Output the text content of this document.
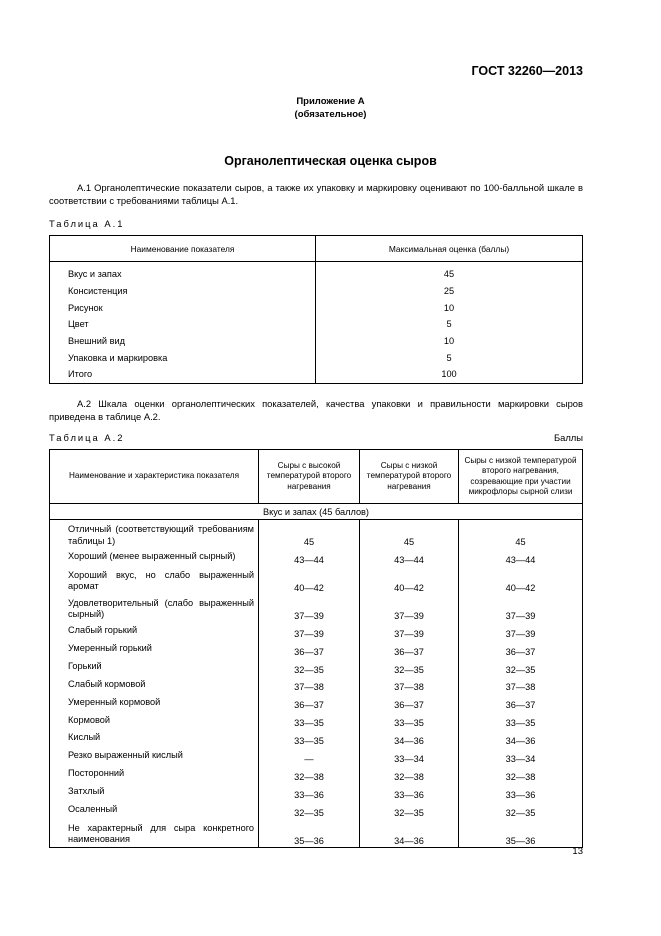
ГОСТ 32260—2013
Приложение А
(обязательное)
Органолептическая оценка сыров
А.1 Органолептические показатели сыров, а также их упаковку и маркировку оценивают по 100-балльной шкале в соответствии с требованиями таблицы А.1.
Таблица А.1
Наименование показателя	Максимальная оценка (баллы)
Вкус и запах	45
Консистенция	25
Рисунок	10
Цвет	5
Внешний вид	10
Упаковка и маркировка	5
Итого	100
А.2 Шкала оценки органолептических показателей, качества упаковки и правильности маркировки сыров приведена в таблице А.2.
Таблица А.2	Баллы
Наименование и характеристика показателя	Сыры с высокой температурой второго нагревания	Сыры с низкой температурой второго нагревания	Сыры с низкой температурой второго нагревания, созревающие при участии микрофлоры сырной слизи
Вкус и запах (45 баллов)			
Отличный (соответствующий требованиям таблицы 1)	45	45	45
Хороший (менее выраженный сырный)	43—44	43—44	43—44
Хороший вкус, но слабо выраженный аромат	40—42	40—42	40—42
Удовлетворительный (слабо выраженный сырный)	37—39	37—39	37—39
Слабый горький	37—39	37—39	37—39
Умеренный горький	36—37	36—37	36—37
Горький	32—35	32—35	32—35
Слабый кормовой	37—38	37—38	37—38
Умеренный кормовой	36—37	36—37	36—37
Кормовой	33—35	33—35	33—35
Кислый	33—35	34—36	34—36
Резко выраженный кислый	—	33—34	33—34
Посторонний	32—38	32—38	32—38
Затхлый	33—36	33—36	33—36
Осаленный	32—35	32—35	32—35
Не характерный для сыра конкретного наименования	35—36	34—36	35—36
13
